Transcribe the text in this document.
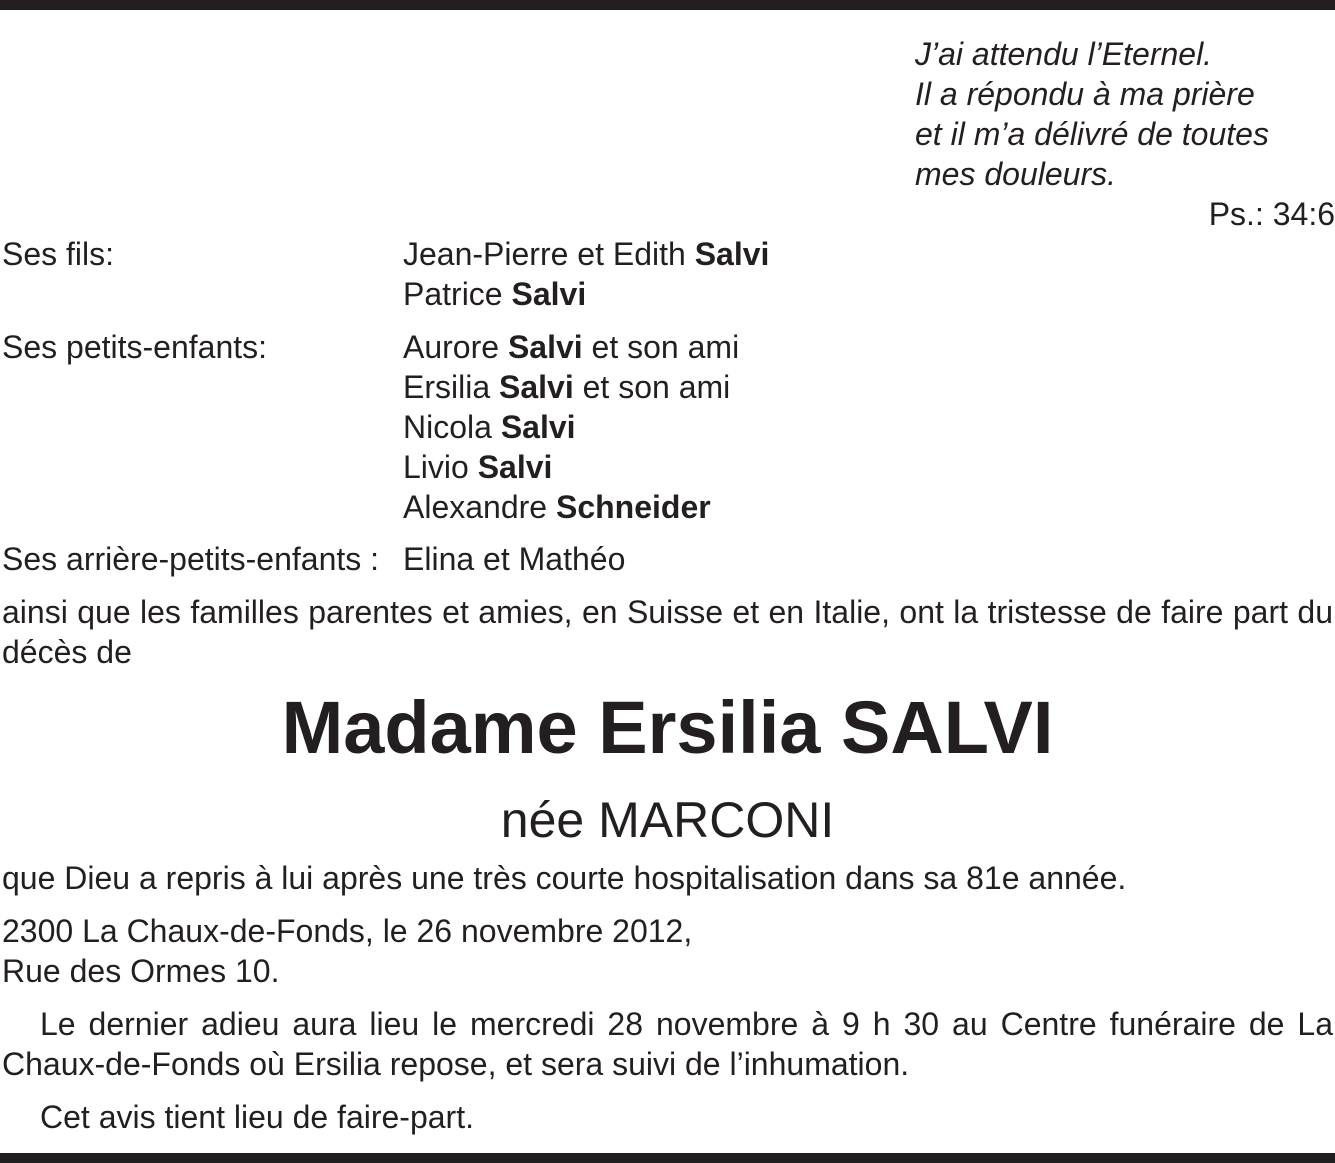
J’ai attendu l’Eternel.
Il a répondu à ma prière
et il m’a délivré de toutes
mes douleurs.
Ps.: 34:6
Ses fils:	Jean-Pierre et Edith Salvi
Patrice Salvi
Ses petits-enfants:	Aurore Salvi et son ami
Ersilia Salvi et son ami
Nicola Salvi
Livio Salvi
Alexandre Schneider
Ses arrière-petits-enfants : Elina et Mathéo
ainsi que les familles parentes et amies, en Suisse et en Italie, ont la tristesse de faire part du décès de
Madame Ersilia SALVI
née MARCONI
que Dieu a repris à lui après une très courte hospitalisation dans sa 81e année.
2300 La Chaux-de-Fonds, le 26 novembre 2012,
Rue des Ormes 10.
Le dernier adieu aura lieu le mercredi 28 novembre à 9 h 30 au Centre funéraire de La Chaux-de-Fonds où Ersilia repose, et sera suivi de l’inhumation.
Cet avis tient lieu de faire-part.
